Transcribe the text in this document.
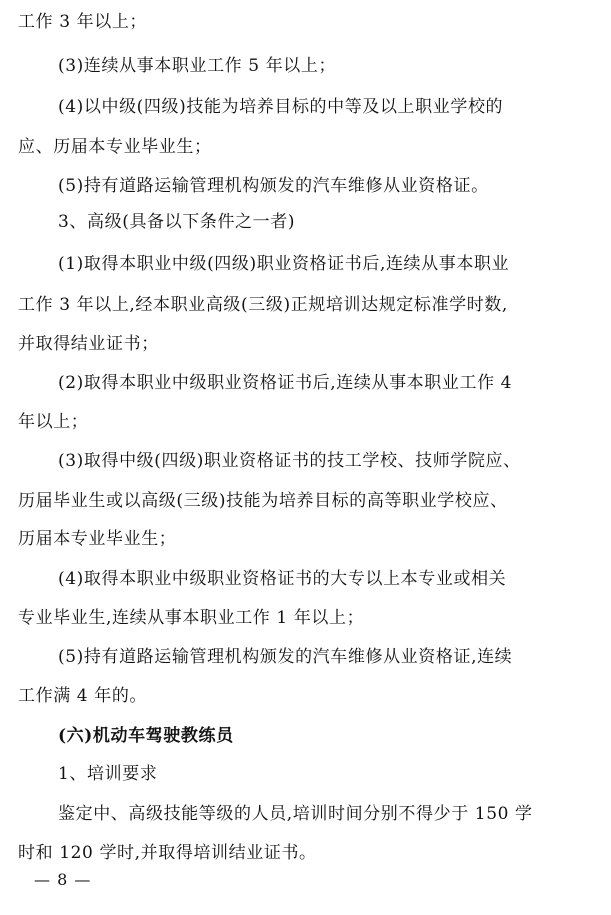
工作 3 年以上；
(3)连续从事本职业工作 5 年以上；
(4)以中级(四级)技能为培养目标的中等及以上职业学校的
应、历届本专业毕业生；
(5)持有道路运输管理机构颁发的汽车维修从业资格证。
3、高级(具备以下条件之一者)
(1)取得本职业中级(四级)职业资格证书后,连续从事本职业
工作 3 年以上,经本职业高级(三级)正规培训达规定标准学时数,
并取得结业证书；
(2)取得本职业中级职业资格证书后,连续从事本职业工作 4
年以上；
(3)取得中级(四级)职业资格证书的技工学校、技师学院应、
历届毕业生或以高级(三级)技能为培养目标的高等职业学校应、
历届本专业毕业生；
(4)取得本职业中级职业资格证书的大专以上本专业或相关
专业毕业生,连续从事本职业工作 1 年以上；
(5)持有道路运输管理机构颁发的汽车维修从业资格证,连续
工作满 4 年的。
(六)机动车驾驶教练员
1、培训要求
鉴定中、高级技能等级的人员,培训时间分别不得少于 150 学
时和 120 学时,并取得培训结业证书。
— 8 —
